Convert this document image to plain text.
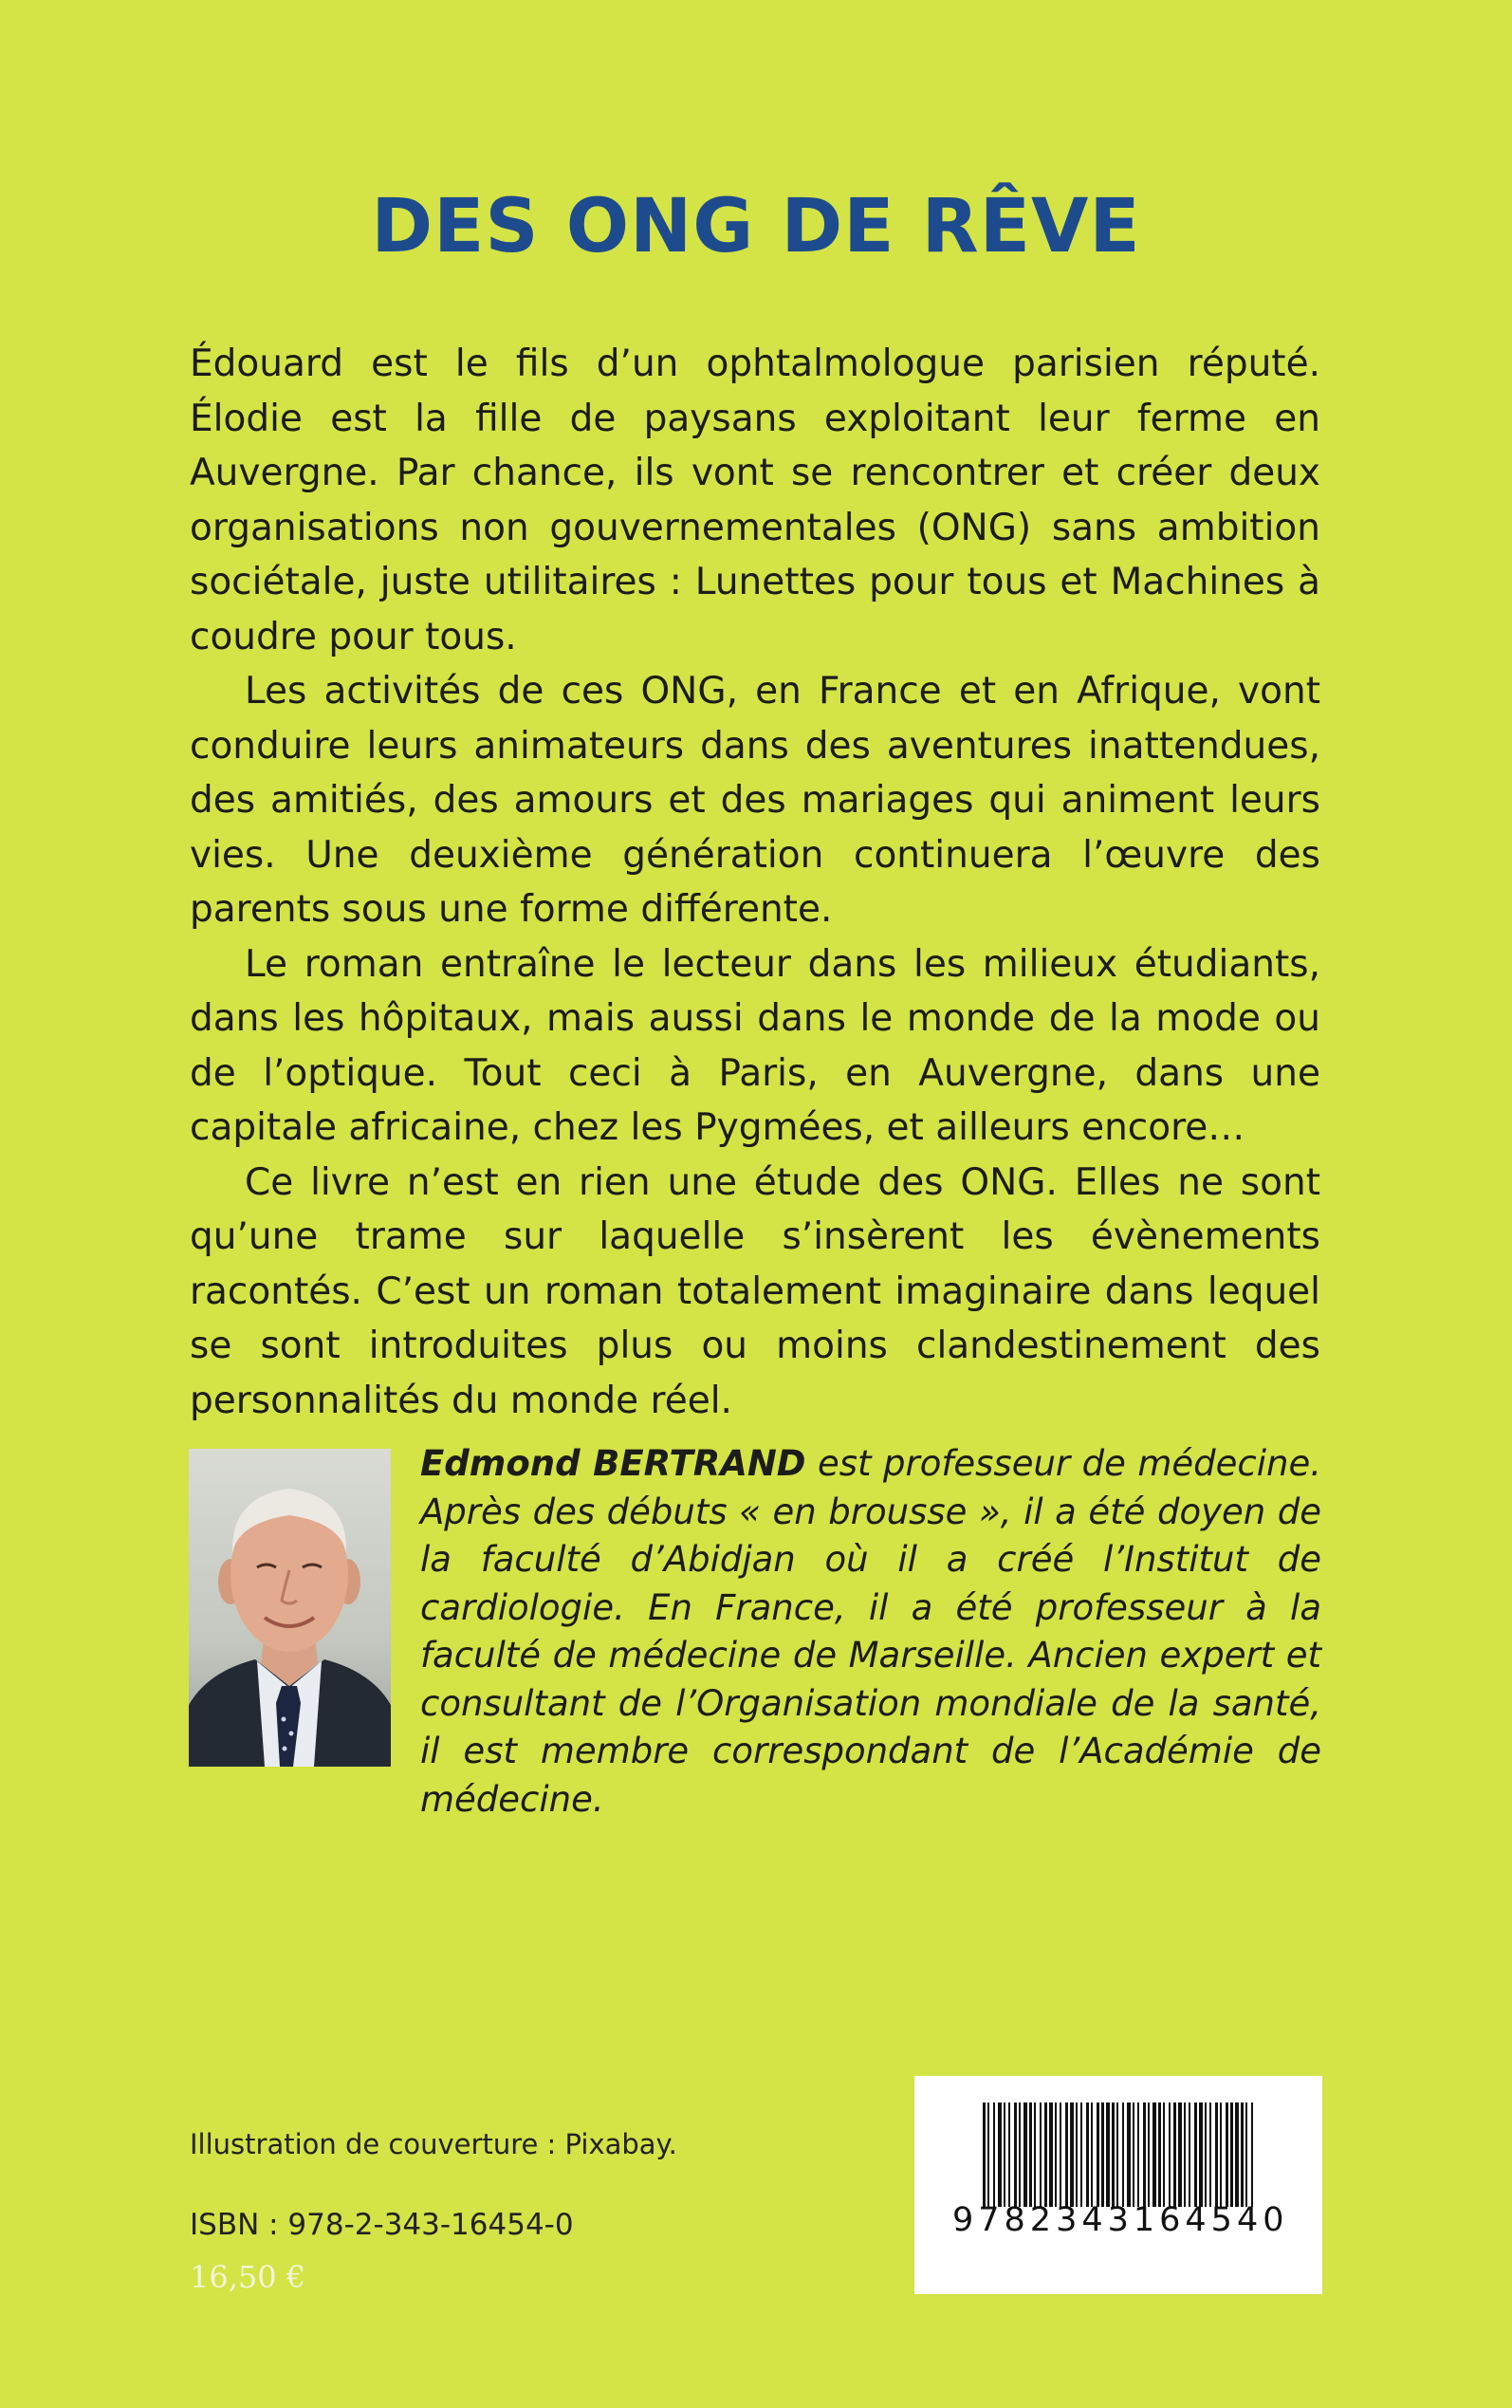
DES ONG DE RÊVE

Édouard est le fils d’un ophtalmologue parisien réputé. Élodie est la fille de paysans exploitant leur ferme en Auvergne. Par chance, ils vont se rencontrer et créer deux organisations non gouvernementales (ONG) sans ambition sociétale, juste utilitaires : Lunettes pour tous et Machines à coudre pour tous.

Les activités de ces ONG, en France et en Afrique, vont conduire leurs animateurs dans des aventures inattendues, des amitiés, des amours et des mariages qui animent leurs vies. Une deuxième génération continuera l’œuvre des parents sous une forme différente.

Le roman entraîne le lecteur dans les milieux étudiants, dans les hôpitaux, mais aussi dans le monde de la mode ou de l’optique. Tout ceci à Paris, en Auvergne, dans une capitale africaine, chez les Pygmées, et ailleurs encore…

Ce livre n’est en rien une étude des ONG. Elles ne sont qu’une trame sur laquelle s’insèrent les évènements racontés. C’est un roman totalement imaginaire dans lequel se sont introduites plus ou moins clandestinement des personnalités du monde réel.

Edmond BERTRAND est professeur de médecine. Après des débuts « en brousse », il a été doyen de la faculté d’Abidjan où il a créé l’Institut de cardiologie. En France, il a été professeur à la faculté de médecine de Marseille. Ancien expert et consultant de l’Organisation mondiale de la santé, il est membre correspondant de l’Académie de médecine.

Illustration de couverture : Pixabay.
ISBN : 978-2-343-16454-0
16,50 €
9782343164540
